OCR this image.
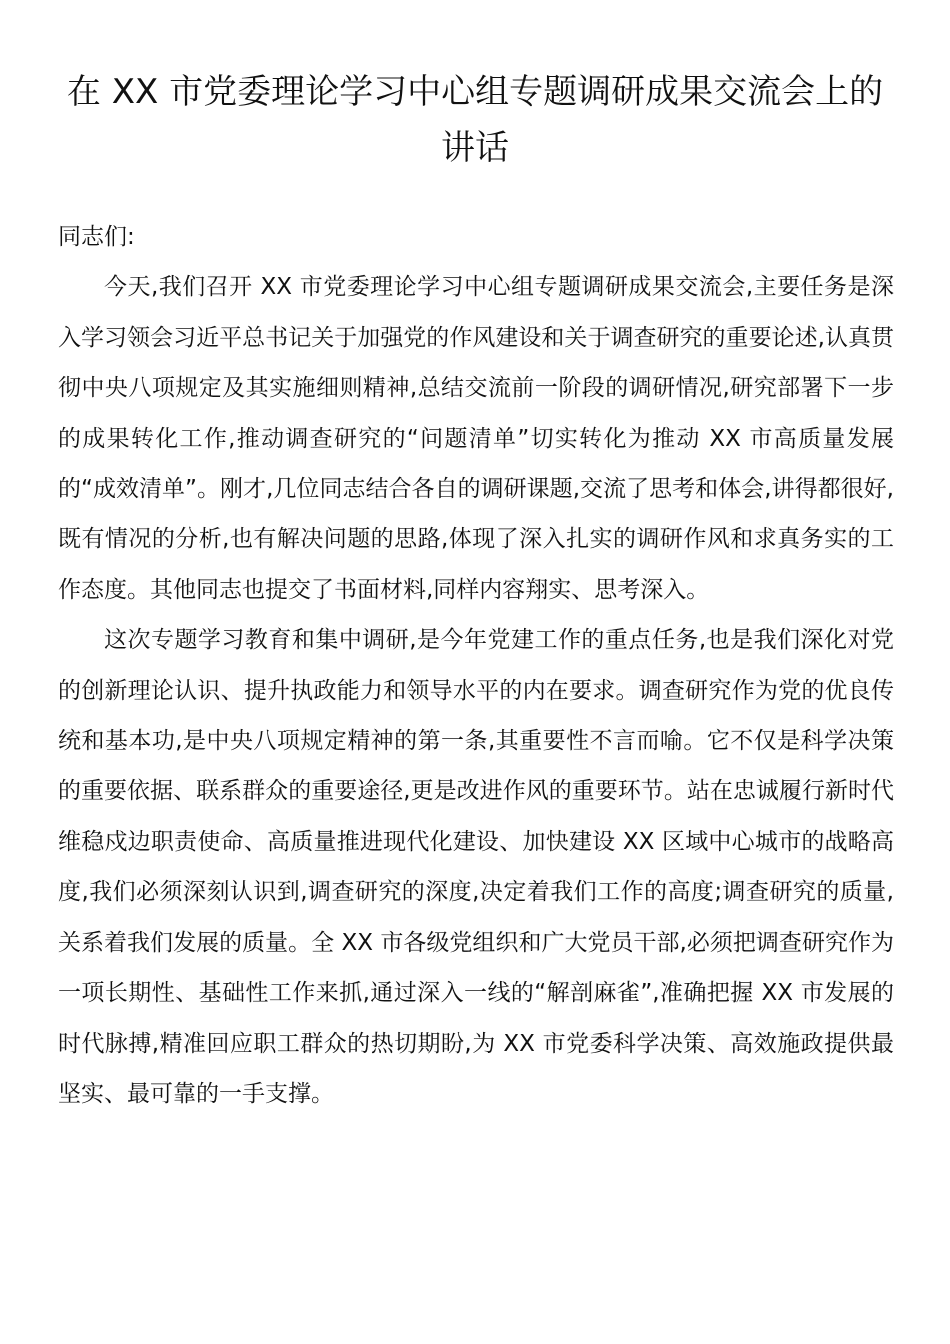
在 XX 市党委理论学习中心组专题调研成果交流会上的讲话

同志们:

今天,我们召开 XX 市党委理论学习中心组专题调研成果交流会,主要任务是深入学习领会习近平总书记关于加强党的作风建设和关于调查研究的重要论述,认真贯彻中央八项规定及其实施细则精神,总结交流前一阶段的调研情况,研究部署下一步的成果转化工作,推动调查研究的“问题清单”切实转化为推动 XX 市高质量发展的“成效清单”。刚才,几位同志结合各自的调研课题,交流了思考和体会,讲得都很好,既有情况的分析,也有解决问题的思路,体现了深入扎实的调研作风和求真务实的工作态度。其他同志也提交了书面材料,同样内容翔实、思考深入。

这次专题学习教育和集中调研,是今年党建工作的重点任务,也是我们深化对党的创新理论认识、提升执政能力和领导水平的内在要求。调查研究作为党的优良传统和基本功,是中央八项规定精神的第一条,其重要性不言而喻。它不仅是科学决策的重要依据、联系群众的重要途径,更是改进作风的重要环节。站在忠诚履行新时代维稳戍边职责使命、高质量推进现代化建设、加快建设 XX 区域中心城市的战略高度,我们必须深刻认识到,调查研究的深度,决定着我们工作的高度;调查研究的质量,关系着我们发展的质量。全 XX 市各级党组织和广大党员干部,必须把调查研究作为一项长期性、基础性工作来抓,通过深入一线的“解剖麻雀”,准确把握 XX 市发展的时代脉搏,精准回应职工群众的热切期盼,为 XX 市党委科学决策、高效施政提供最坚实、最可靠的一手支撑。
